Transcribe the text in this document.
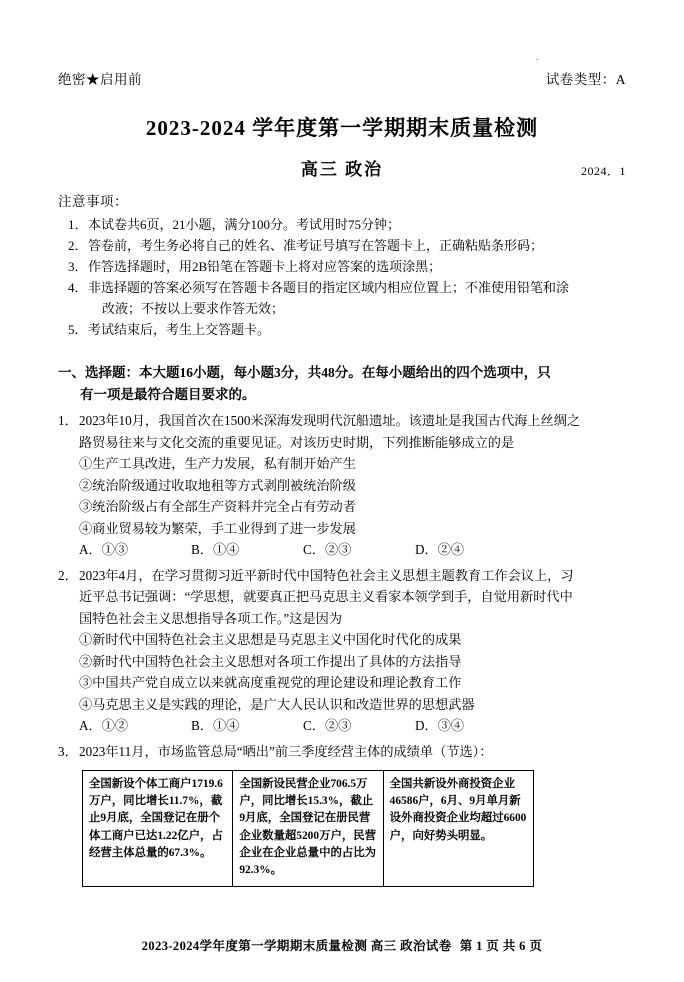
.
绝密★启用前	试卷类型：A
2023-2024 学年度第一学期期末质量检测
高三 政治	2024．1
注意事项：
1． 本试卷共6页，21小题，满分100分。考试用时75分钟；
2． 答卷前，考生务必将自己的姓名、准考证号填写在答题卡上，正确粘贴条形码；
3． 作答选择题时，用2B铅笔在答题卡上将对应答案的选项涂黑；
4． 非选择题的答案必须写在答题卡各题目的指定区域内相应位置上；不准使用铅笔和涂
改液；不按以上要求作答无效；
5． 考试结束后，考生上交答题卡。
一、选择题：本大题16小题，每小题3分，共48分。在每小题给出的四个选项中，只
有一项是最符合题目要求的。
1． 2023年10月，我国首次在1500米深海发现明代沉船遗址。该遗址是我国古代海上丝绸之

路贸易往来与文化交流的重要见证。对该历史时期，下列推断能够成立的是

①生产工具改进，生产力发展，私有制开始产生

②统治阶级通过收取地租等方式剥削被统治阶级

③统治阶级占有全部生产资料并完全占有劳动者

④商业贸易较为繁荣，手工业得到了进一步发展

A．①③	B．①④	C．②③	D．②④
2． 2023年4月，在学习贯彻习近平新时代中国特色社会主义思想主题教育工作会议上，习

近平总书记强调：“学思想，就要真正把马克思主义看家本领学到手，自觉用新时代中

国特色社会主义思想指导各项工作。”这是因为

①新时代中国特色社会主义思想是马克思主义中国化时代化的成果

②新时代中国特色社会主义思想对各项工作提出了具体的方法指导

③中国共产党自成立以来就高度重视党的理论建设和理论教育工作

④马克思主义是实践的理论，是广大人民认识和改造世界的思想武器

A．①②	B．①④	C．②③	D．③④
3． 2023年11月，市场监管总局“晒出”前三季度经营主体的成绩单（节选）：

全国新设个体工商户1719.6万户，同比增长11.7%，截止9月底，全国登记在册个体工商户已达1.22亿户，占经营主体总量的67.3%。	全国新设民营企业706.5万户，同比增长15.3%，截止9月底，全国登记在册民营企业数量超5200万户，民营企业在企业总量中的占比为92.3%。	全国共新设外商投资企业46586户，6月、9月单月新设外商投资企业均超过6600户，向好势头明显。
2023-2024学年度第一学期期末质量检测 高三 政治试卷 第 1 页 共 6 页
